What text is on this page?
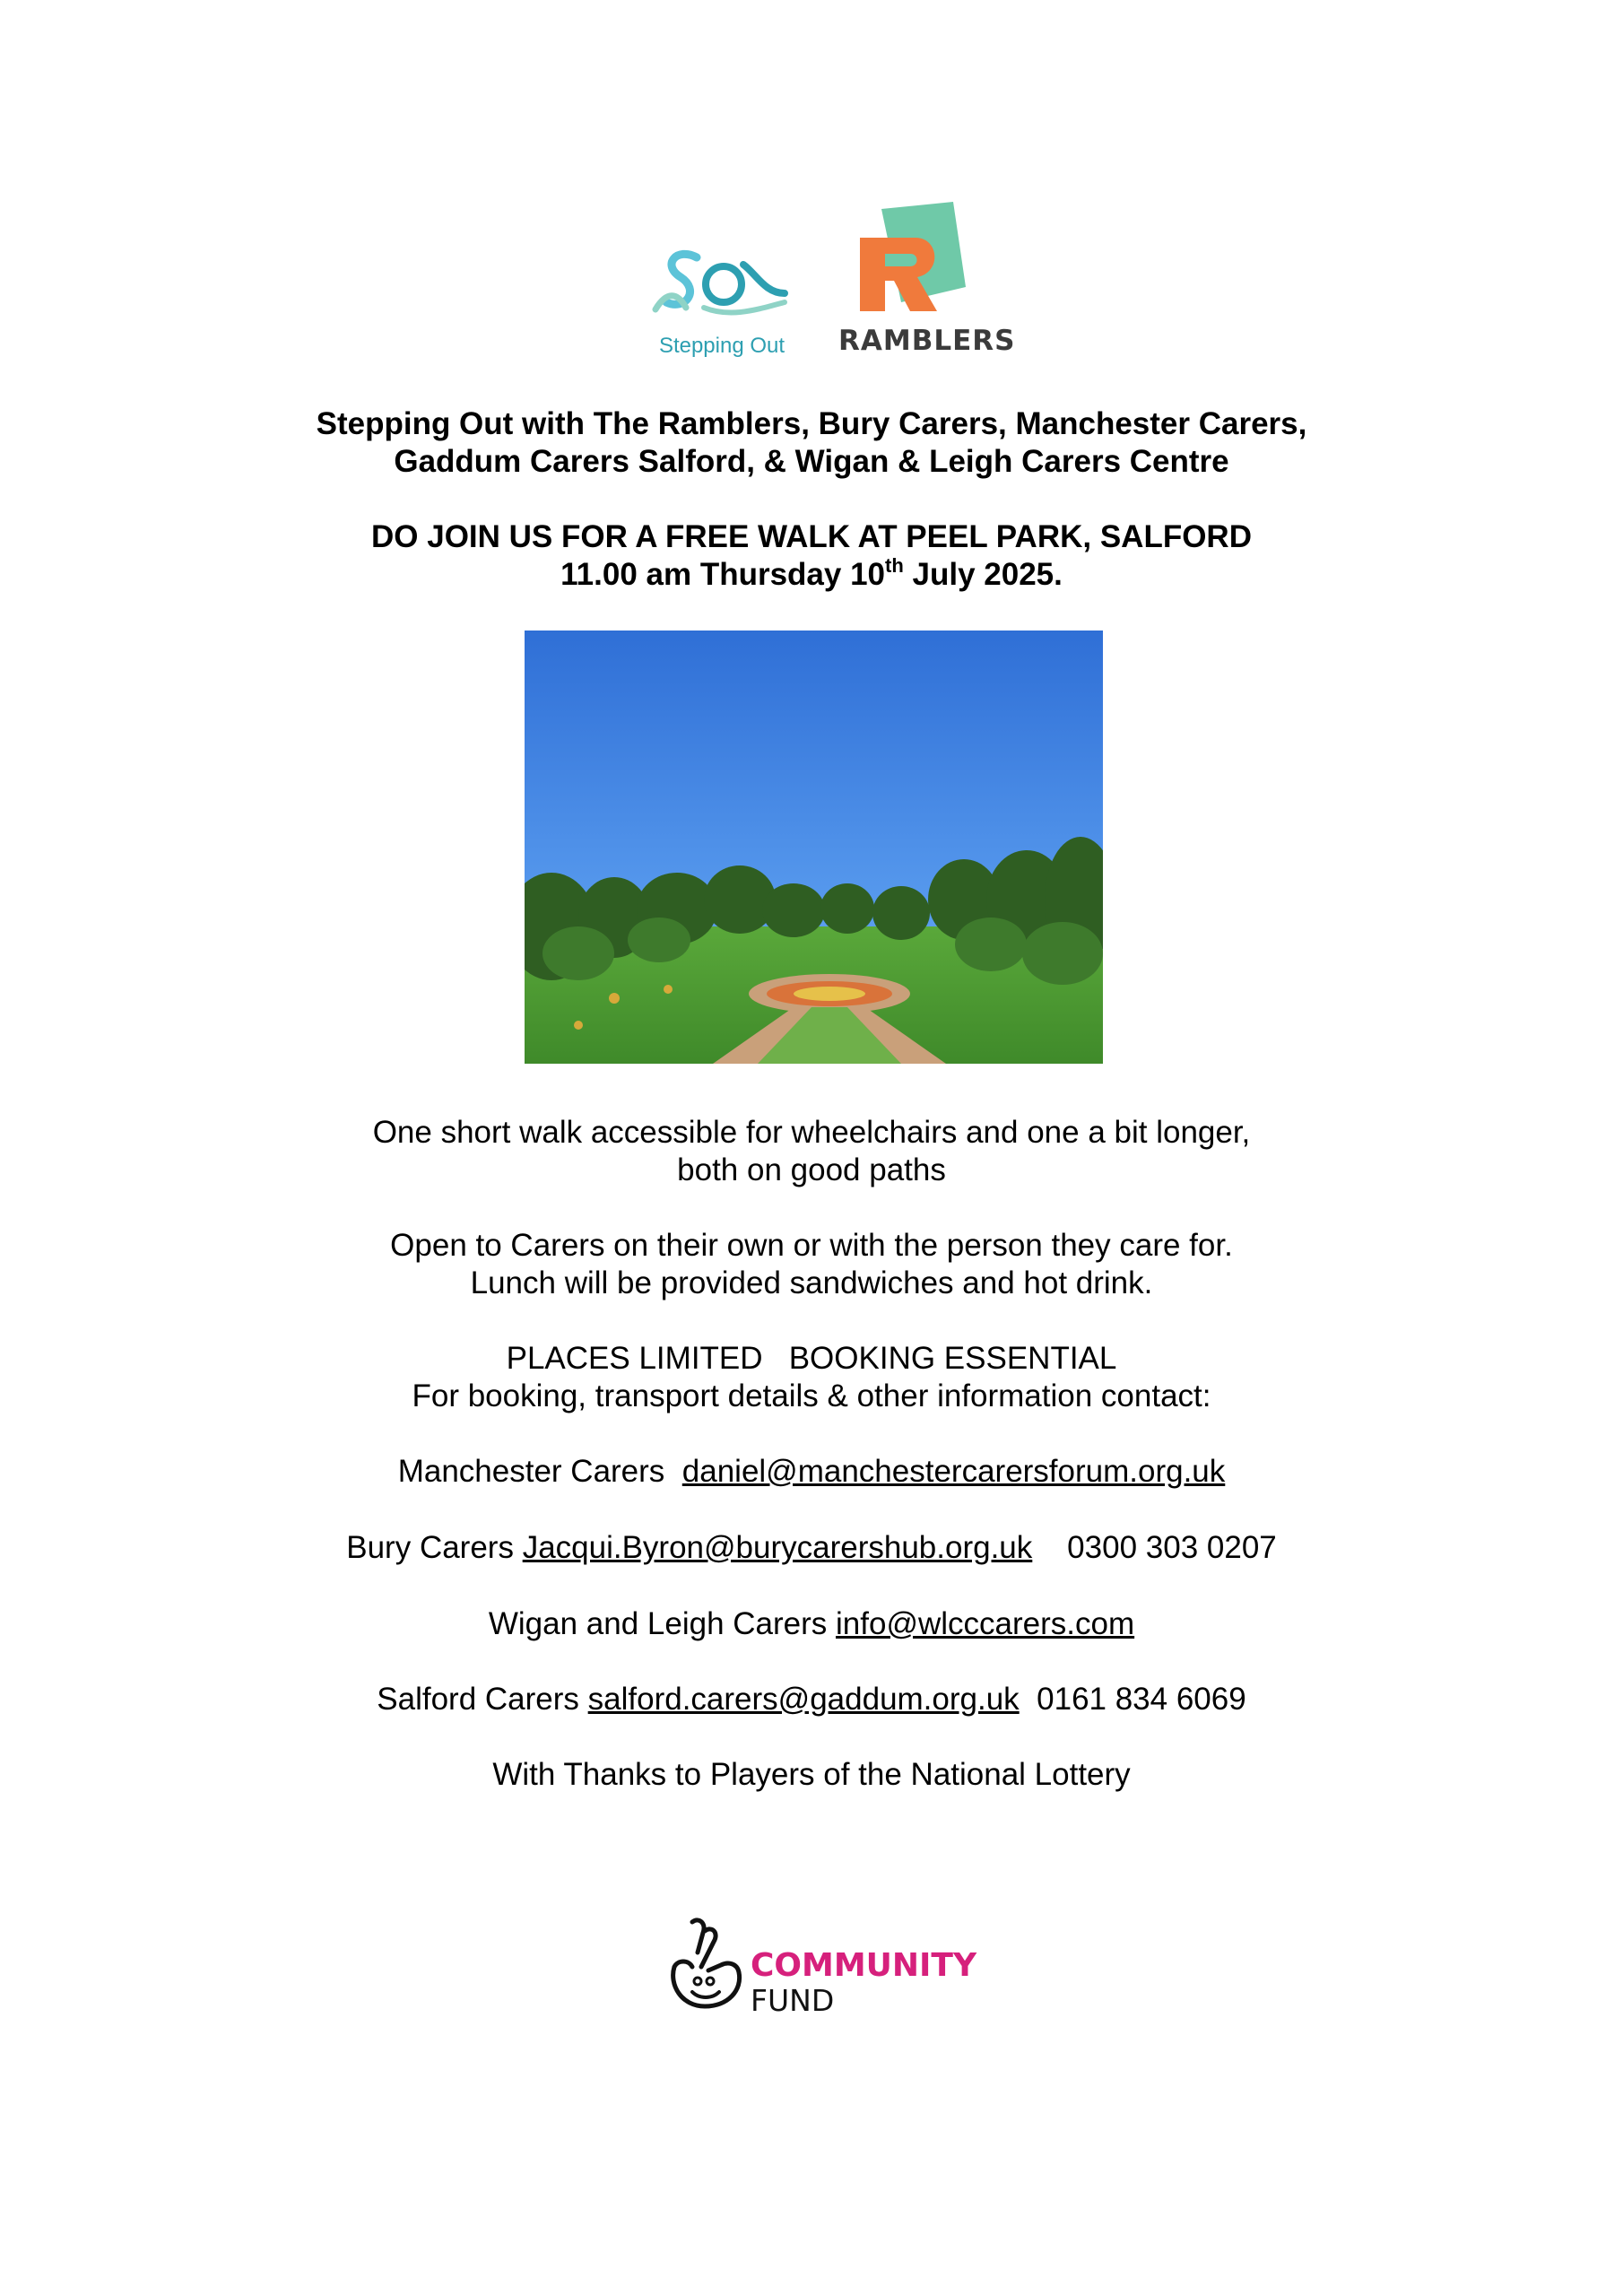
Stepping Out	RAMBLERS
Stepping Out with The Ramblers, Bury Carers, Manchester Carers,
Gaddum Carers Salford, & Wigan & Leigh Carers Centre
DO JOIN US FOR A FREE WALK AT PEEL PARK, SALFORD
11.00 am Thursday 10th July 2025.
One short walk accessible for wheelchairs and one a bit longer,
both on good paths
Open to Carers on their own or with the person they care for.
Lunch will be provided sandwiches and hot drink.
PLACES LIMITED   BOOKING ESSENTIAL
For booking, transport details & other information contact:
Manchester Carers  daniel@manchestercarersforum.org.uk
Bury Carers Jacqui.Byron@burycarershub.org.uk    0300 303 0207
Wigan and Leigh Carers info@wlcccarers.com
Salford Carers salford.carers@gaddum.org.uk  0161 834 6069
With Thanks to Players of the National Lottery
COMMUNITY
FUND
